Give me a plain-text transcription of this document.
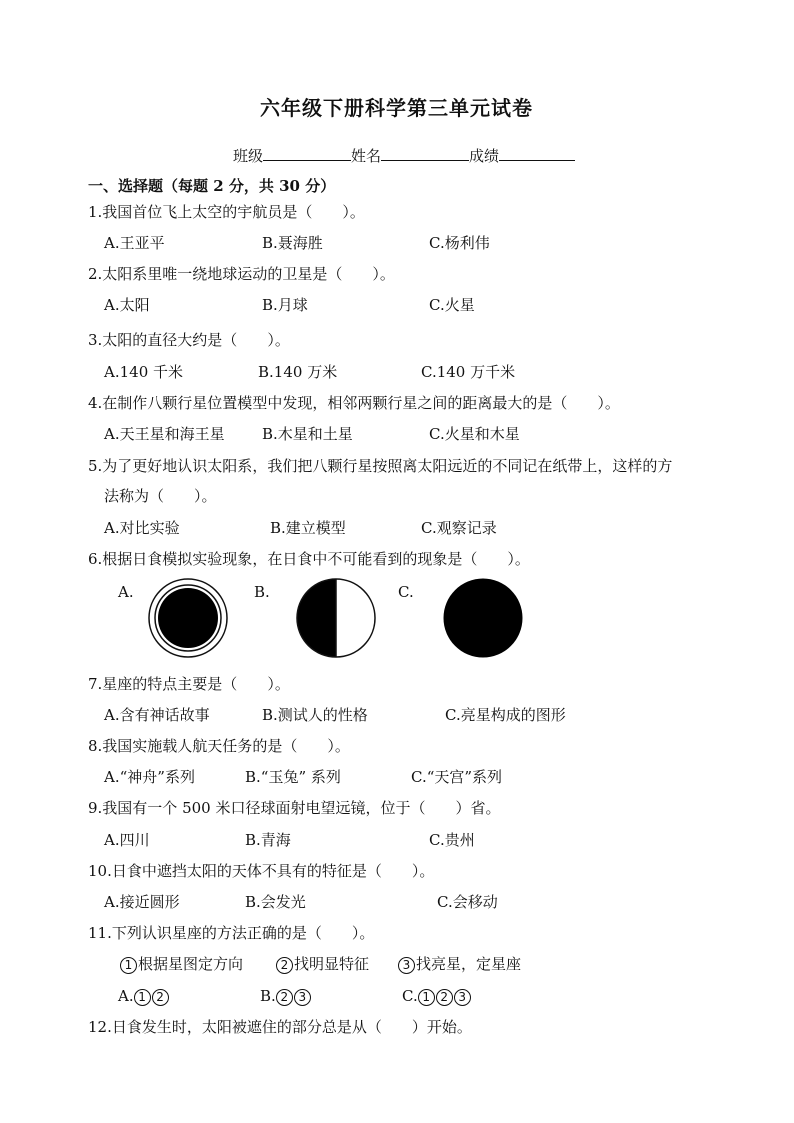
六年级下册科学第三单元试卷
班级	姓名	成绩
一、选择题（每题 2 分，共 30 分）
1.我国首位飞上太空的宇航员是（　　）。
A.王亚平	B.聂海胜	C.杨利伟
2.太阳系里唯一绕地球运动的卫星是（　　）。
A.太阳	B.月球	C.火星
3.太阳的直径大约是（　　）。
A.140 千米	B.140 万米	C.140 万千米
4.在制作八颗行星位置模型中发现，相邻两颗行星之间的距离最大的是（　　）。
A.天王星和海王星 B.木星和土星	C.火星和木星
5.为了更好地认识太阳系，我们把八颗行星按照离太阳远近的不同记在纸带上，这样的方
法称为（　　）。
A.对比实验	B.建立模型	C.观察记录
6.根据日食模拟实验现象，在日食中不可能看到的现象是（　　）。
A.	B.	C.
7.星座的特点主要是（　　）。
A.含有神话故事	B.测试人的性格	C.亮星构成的图形
8.我国实施载人航天任务的是（　　）。
A.“神舟”系列	B.“玉兔” 系列	C.“天宫”系列
9.我国有一个 500 米口径球面射电望远镜，位于（　　）省。
A.四川	B.青海	C.贵州
10.日食中遮挡太阳的天体不具有的特征是（　　）。
A.接近圆形	B.会发光	C.会移动
11.下列认识星座的方法正确的是（　　）。
1 根据星图定方向	2 找明显特征	3 找亮星，定星座
A. 1 2	B. 2 3	C. 1 2 3
12.日食发生时，太阳被遮住的部分总是从（　　）开始。
